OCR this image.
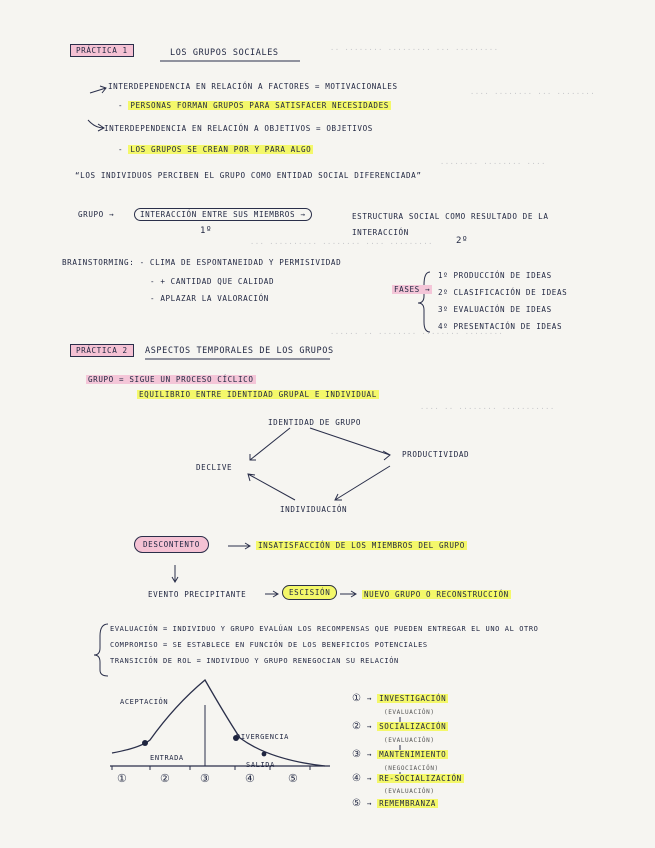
·· ········ ········· ··· ·········
···· ········ ··· ········
········ ········ ····
··· ·········· ········ ···· ·········
······ ·· ········ ········ ········
···· ·· ········ ···········
PRÁCTICA 1	LOS GRUPOS SOCIALES
INTERDEPENDENCIA EN RELACIÓN A FACTORES = MOTIVACIONALES
- PERSONAS FORMAN GRUPOS PARA SATISFACER NECESIDADES
INTERDEPENDENCIA EN RELACIÓN A OBJETIVOS = OBJETIVOS
- LOS GRUPOS SE CREAN POR Y PARA ALGO
“LOS INDIVIDUOS PERCIBEN EL GRUPO COMO ENTIDAD SOCIAL DIFERENCIADA”
GRUPO →	INTERACCIÓN ENTRE SUS MIEMBROS →	ESTRUCTURA SOCIAL COMO RESULTADO DE LA
INTERACCIÓN
1º
2º
BRAINSTORMING: - CLIMA DE ESPONTANEIDAD Y PERMISIVIDAD
- + CANTIDAD QUE CALIDAD
- APLAZAR LA VALORACIÓN
FASES →
1º PRODUCCIÓN DE IDEAS
2º CLASIFICACIÓN DE IDEAS
3º EVALUACIÓN DE IDEAS
4º PRESENTACIÓN DE IDEAS
PRÁCTICA 2	ASPECTOS TEMPORALES DE LOS GRUPOS
GRUPO = SIGUE UN PROCESO CÍCLICO
EQUILIBRIO ENTRE IDENTIDAD GRUPAL E INDIVIDUAL
IDENTIDAD DE GRUPO
PRODUCTIVIDAD
INDIVIDUACIÓN
DECLIVE
DESCONTENTO	INSATISFACCIÓN DE LOS MIEMBROS DEL GRUPO
EVENTO PRECIPITANTE	ESCISIÓN	NUEVO GRUPO O RECONSTRUCCIÓN
EVALUACIÓN = INDIVIDUO Y GRUPO EVALÚAN LOS RECOMPENSAS QUE PUEDEN ENTREGAR EL UNO AL OTRO
COMPROMISO = SE ESTABLECE EN FUNCIÓN DE LOS BENEFICIOS POTENCIALES
TRANSICIÓN DE ROL = INDIVIDUO Y GRUPO RENEGOCIAN SU RELACIÓN
ACEPTACIÓN
DIVERGENCIA
ENTRADA
SALIDA
①	②	③	④	⑤
① → INVESTIGACIÓN
(EVALUACIÓN)
② → SOCIALIZACIÓN
(EVALUACIÓN)
③ → MANTENIMIENTO
(NEGOCIACIÓN)
④ → RE-SOCIALIZACIÓN
(EVALUACIÓN)
⑤ → REMEMBRANZA
